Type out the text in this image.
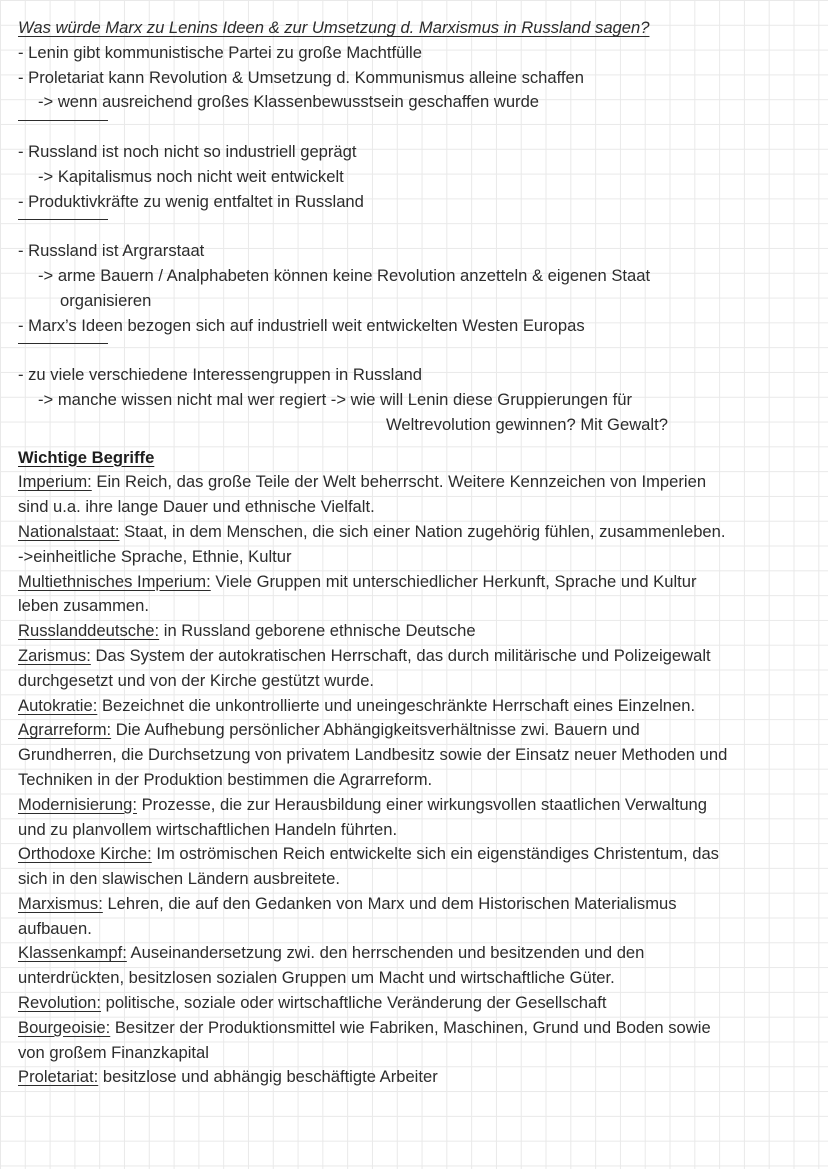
Was würde Marx zu Lenins Ideen & zur Umsetzung d. Marxismus in Russland sagen?
- Lenin gibt kommunistische Partei zu große Machtfülle
- Proletariat kann Revolution & Umsetzung d. Kommunismus alleine schaffen
-> wenn ausreichend großes Klassenbewusstsein geschaffen wurde
- Russland ist noch nicht so industriell geprägt
-> Kapitalismus noch nicht weit entwickelt
- Produktivkräfte zu wenig entfaltet in Russland
- Russland ist Argrarstaat
-> arme Bauern / Analphabeten können keine Revolution anzetteln & eigenen Staat
organisieren
- Marx’s Ideen bezogen sich auf industriell weit entwickelten Westen Europas
- zu viele verschiedene Interessengruppen in Russland
-> manche wissen nicht mal wer regiert -> wie will Lenin diese Gruppierungen für
Weltrevolution gewinnen? Mit Gewalt?
Wichtige Begriffe
Imperium: Ein Reich, das große Teile der Welt beherrscht. Weitere Kennzeichen von Imperien
sind u.a. ihre lange Dauer und ethnische Vielfalt.
Nationalstaat: Staat, in dem Menschen, die sich einer Nation zugehörig fühlen, zusammenleben.
->einheitliche Sprache, Ethnie, Kultur
Multiethnisches Imperium: Viele Gruppen mit unterschiedlicher Herkunft, Sprache und Kultur
leben zusammen.
Russlanddeutsche: in Russland geborene ethnische Deutsche
Zarismus: Das System der autokratischen Herrschaft, das durch militärische und Polizeigewalt
durchgesetzt und von der Kirche gestützt wurde.
Autokratie: Bezeichnet die unkontrollierte und uneingeschränkte Herrschaft eines Einzelnen.
Agrarreform: Die Aufhebung persönlicher Abhängigkeitsverhältnisse zwi. Bauern und
Grundherren, die Durchsetzung von privatem Landbesitz sowie der Einsatz neuer Methoden und
Techniken in der Produktion bestimmen die Agrarreform.
Modernisierung: Prozesse, die zur Herausbildung einer wirkungsvollen staatlichen Verwaltung
und zu planvollem wirtschaftlichen Handeln führten.
Orthodoxe Kirche: Im oströmischen Reich entwickelte sich ein eigenständiges Christentum, das
sich in den slawischen Ländern ausbreitete.
Marxismus: Lehren, die auf den Gedanken von Marx und dem Historischen Materialismus
aufbauen.
Klassenkampf: Auseinandersetzung zwi. den herrschenden und besitzenden und den
unterdrückten, besitzlosen sozialen Gruppen um Macht und wirtschaftliche Güter.
Revolution: politische, soziale oder wirtschaftliche Veränderung der Gesellschaft
Bourgeoisie: Besitzer der Produktionsmittel wie Fabriken, Maschinen, Grund und Boden sowie
von großem Finanzkapital
Proletariat: besitzlose und abhängig beschäftigte Arbeiter
